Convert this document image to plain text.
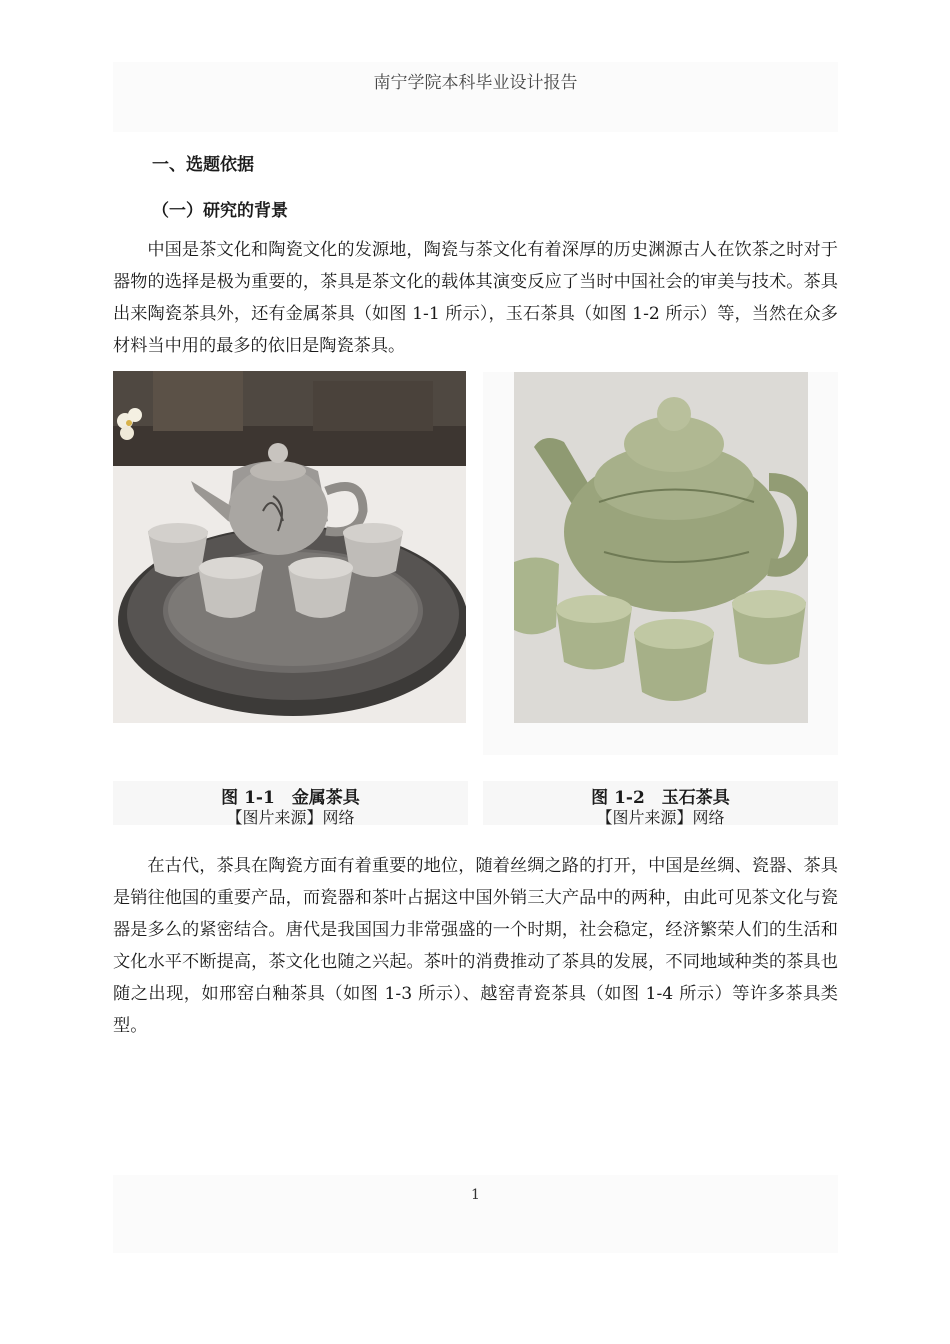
南宁学院本科毕业设计报告
一、选题依据
（一）研究的背景

中国是茶文化和陶瓷文化的发源地，陶瓷与茶文化有着深厚的历史渊源古人在饮茶之时对于器物的选择是极为重要的，茶具是茶文化的载体其演变反应了当时中国社会的审美与技术。茶具出来陶瓷茶具外，还有金属茶具（如图 1-1 所示），玉石茶具（如图 1-2 所示）等，当然在众多材料当中用的最多的依旧是陶瓷茶具。

图 1-1　金属茶具
【图片来源】网络
图 1-2　玉石茶具
【图片来源】网络

在古代，茶具在陶瓷方面有着重要的地位，随着丝绸之路的打开，中国是丝绸、瓷器、茶具是销往他国的重要产品，而瓷器和茶叶占据这中国外销三大产品中的两种，由此可见茶文化与瓷器是多么的紧密结合。唐代是我国国力非常强盛的一个时期，社会稳定，经济繁荣人们的生活和文化水平不断提高，茶文化也随之兴起。茶叶的消费推动了茶具的发展，不同地域种类的茶具也随之出现，如邢窑白釉茶具（如图 1-3 所示）、越窑青瓷茶具（如图 1-4 所示）等许多茶具类型。

1
